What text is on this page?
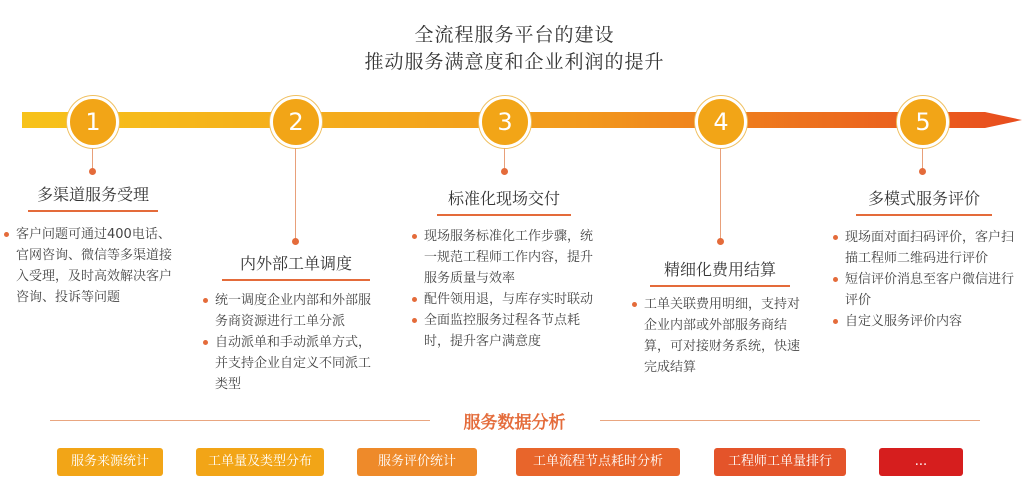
全流程服务平台的建设
推动服务满意度和企业利润的提升
1
多渠道服务受理
客户问题可通过400电话、官网咨询、微信等多渠道接入受理，及时高效解决客户咨询、投诉等问题
2
内外部工单调度
统一调度企业内部和外部服务商资源进行工单分派
自动派单和手动派单方式，并支持企业自定义不同派工类型
3
标准化现场交付
现场服务标准化工作步骤，统一规范工程师工作内容，提升服务质量与效率
配件领用退，与库存实时联动
全面监控服务过程各节点耗时，提升客户满意度
4
精细化费用结算
工单关联费用明细，支持对企业内部或外部服务商结算，可对接财务系统，快速完成结算
5
多模式服务评价
现场面对面扫码评价，客户扫描工程师二维码进行评价
短信评价消息至客户微信进行评价
自定义服务评价内容
服务数据分析
服务来源统计	工单量及类型分布	服务评价统计	工单流程节点耗时分析	工程师工单量排行	...
